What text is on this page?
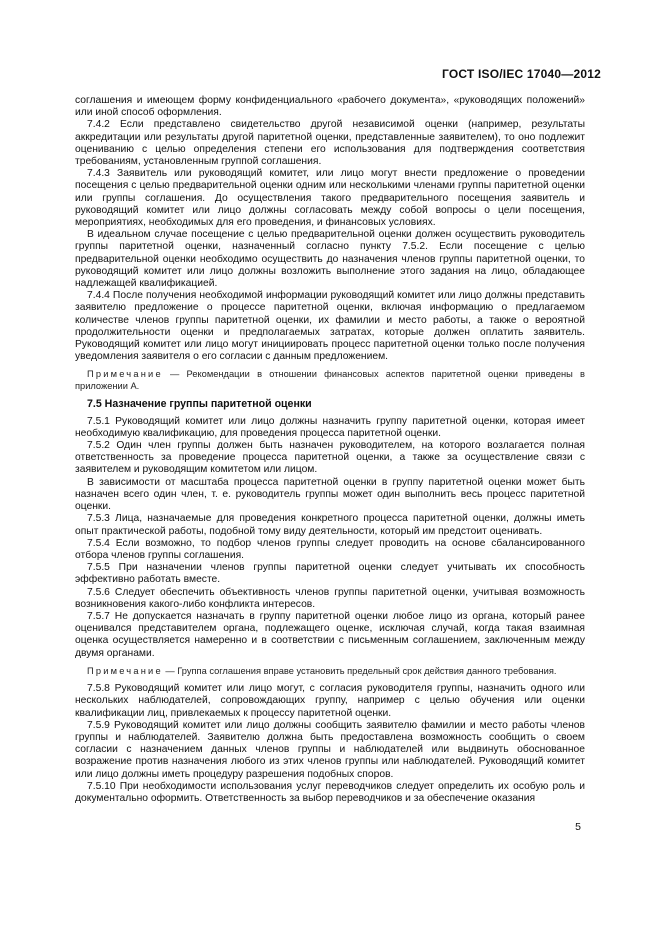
ГОСТ ISO/IEC 17040—2012

соглашения и имеющем форму конфиденциального «рабочего документа», «руководящих положений» или иной способ оформления.

7.4.2 Если представлено свидетельство другой независимой оценки (например, результаты аккредитации или результаты другой паритетной оценки, представленные заявителем), то оно подлежит оцениванию с целью определения степени его использования для подтверждения соответствия требованиям, установленным группой соглашения.

7.4.3 Заявитель или руководящий комитет, или лицо могут внести предложение о проведении посещения с целью предварительной оценки одним или несколькими членами группы паритетной оценки или группы соглашения. До осуществления такого предварительного посещения заявитель и руководящий комитет или лицо должны согласовать между собой вопросы о цели посещения, мероприятиях, необходимых для его проведения, и финансовых условиях.

В идеальном случае посещение с целью предварительной оценки должен осуществить руководитель группы паритетной оценки, назначенный согласно пункту 7.5.2. Если посещение с целью предварительной оценки необходимо осуществить до назначения членов группы паритетной оценки, то руководящий комитет или лицо должны возложить выполнение этого задания на лицо, обладающее надлежащей квалификацией.

7.4.4 После получения необходимой информации руководящий комитет или лицо должны представить заявителю предложение о процессе паритетной оценки, включая информацию о предлагаемом количестве членов группы паритетной оценки, их фамилии и место работы, а также о вероятной продолжительности оценки и предполагаемых затратах, которые должен оплатить заявитель. Руководящий комитет или лицо могут инициировать процесс паритетной оценки только после получения уведомления заявителя о его согласии с данным предложением.

Примечание — Рекомендации в отношении финансовых аспектов паритетной оценки приведены в приложении А.

7.5 Назначение группы паритетной оценки

7.5.1 Руководящий комитет или лицо должны назначить группу паритетной оценки, которая имеет необходимую квалификацию, для проведения процесса паритетной оценки.

7.5.2 Один член группы должен быть назначен руководителем, на которого возлагается полная ответственность за проведение процесса паритетной оценки, а также за осуществление связи с заявителем и руководящим комитетом или лицом.

В зависимости от масштаба процесса паритетной оценки в группу паритетной оценки может быть назначен всего один член, т. е. руководитель группы может один выполнить весь процесс паритетной оценки.

7.5.3 Лица, назначаемые для проведения конкретного процесса паритетной оценки, должны иметь опыт практической работы, подобной тому виду деятельности, который им предстоит оценивать.

7.5.4 Если возможно, то подбор членов группы следует проводить на основе сбалансированного отбора членов группы соглашения.

7.5.5 При назначении членов группы паритетной оценки следует учитывать их способность эффективно работать вместе.

7.5.6 Следует обеспечить объективность членов группы паритетной оценки, учитывая возможность возникновения какого-либо конфликта интересов.

7.5.7 Не допускается назначать в группу паритетной оценки любое лицо из органа, который ранее оценивался представителем органа, подлежащего оценке, исключая случай, когда такая взаимная оценка осуществляется намеренно и в соответствии с письменным соглашением, заключенным между двумя органами.

Примечание — Группа соглашения вправе установить предельный срок действия данного требования.

7.5.8 Руководящий комитет или лицо могут, с согласия руководителя группы, назначить одного или нескольких наблюдателей, сопровождающих группу, например с целью обучения или оценки квалификации лиц, привлекаемых к процессу паритетной оценки.

7.5.9 Руководящий комитет или лицо должны сообщить заявителю фамилии и место работы членов группы и наблюдателей. Заявителю должна быть предоставлена возможность сообщить о своем согласии с назначением данных членов группы и наблюдателей или выдвинуть обоснованное возражение против назначения любого из этих членов группы или наблюдателей. Руководящий комитет или лицо должны иметь процедуру разрешения подобных споров.

7.5.10 При необходимости использования услуг переводчиков следует определить их особую роль и документально оформить. Ответственность за выбор переводчиков и за обеспечение оказания

5
